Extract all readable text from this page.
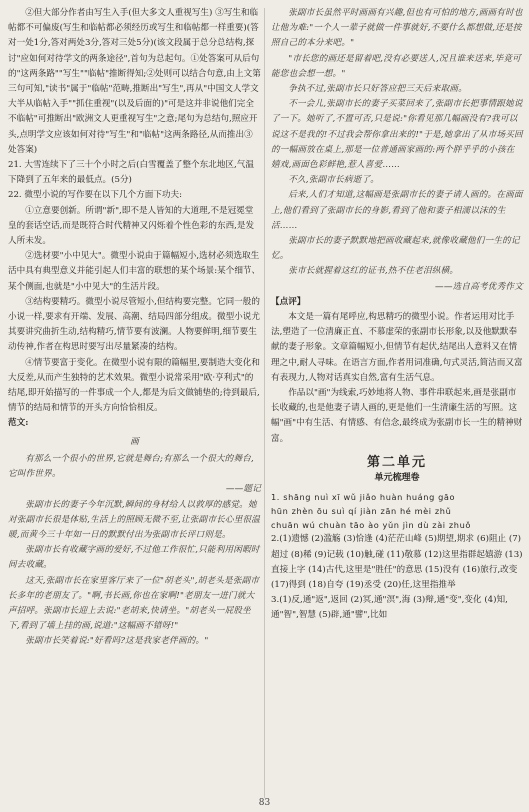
②但大部分作者由写生入手(但大多文人重视写生) ③写生和临帖都不可偏废(写生和临帖都必须经历或写生和临帖都一样重要)(答对一处1分,答对两处3分,答对三处5分)(该文段属于总分总结构,探讨"应如何对待学文的两条途径",首句为总起句。①处答案可从后句的"这两条路""写生""临帖"推断得知;②处则可以结合句意,由上文第三句可知,"读书"属于"临帖"范畴,推断出"写生",再从"中国文人学文大半从临帖入手""抓住重视"(以及后面的)"可是这并非说他们完全不临帖"可推断出"欧洲文人更重视写生"之意;尾句为总结句,照应开头,点明学文应该如何对待"写生"和"临帖"这两条路径,从而推出③处答案)

21. 大雪连续下了三十个小时之后(白雪覆盖了整个东北地区,气温下降到了五年来的最低点。(5分)

22. 微型小说的写作要在以下几个方面下功夫:

①立意要创新。所谓"新",即不是人皆知的大道理,不是冠冕堂皇的套话空话,而是既符合时代精神又闪烁着个性色彩的东西,是发人所未发。

②选材要"小中见大"。微型小说由于篇幅短小,选材必须选取生活中具有典型意义并能引起人们丰富的联想的某个场景:某个细节、某个侧面,也就是"小中见大"的生活片段。

③结构要精巧。微型小说尽管短小,但结构要完整。它同一般的小说一样,要求有开端、发展、高潮、结局四部分组成。微型小说尤其要讲究曲折生动,结构精巧,情节要有波澜。人物要鲜明,细节要生动传神,作者在构思时要写出尽量紧凑的结构。

④情节要富于变化。在微型小说有限的篇幅里,要制造大变化和大反差,从而产生独特的艺术效果。微型小说常采用"欧·亨利式"的结尾,即开始描写的一件事成一个人,都是为后文做铺垫的;待到最后,情节的结局和情节的开头方向恰恰相反。

范文:

画

有那么一个很小的世界,它就是舞台;有那么一个很大的舞台,它叫作世界。

——题记

张副市长的妻子今年沉默,瞬间的身材给人以敦厚的感觉。她对张副市长很是体贴,生活上的照顾无微不至,让张副市长心里很温暖,而黄今三十年如一日的默默付出为张副市长评口则是。

张副市长有收藏字画的爱好,不过他工作很忙,只能利用闲暇时间去收藏。

这天,张副市长在家里客厅来了一位"胡老头",胡老头是张副市长多年的老朋友了。"啊,书长画,你也在家啊!"老朋友一进门就大声招呼。张副市长迎上去说:"老胡来,快请坐。"胡老头一屁股坐下,看到了墙上挂的画,说道:"这幅画不错呀!"

张副市长笑着说:"好看吗?这是我家老伴画的。"

张副市长虽然平时画画有兴趣,但也有可怕的地方,画画有时也让他为难:"一个人一辈子就做一件事就好,不要什么都想做,还是按照自己的本分来吧。"

"市长您的画还是留着吧,没有必要送人,况且谁来送来,毕竟可能您也会想一想。"

争执不过,张副市长只好答应把三天后来取画。

不一会儿,张副市长的妻子买菜回来了,张副市长把事情跟她说了一下。她听了,不置可否,只是说:"你看见那几幅画没有?我可以说这不是我的!不过我会帮你拿出来的!"于是,她拿出了从市场买回的一幅画放在桌上,那是一位普通画家画的:两个胖乎乎的小孩在嬉戏,画面色彩鲜艳,惹人喜爱……

不久,张副市长病逝了。

后来,人们才知道,这幅画是张副市长的妻子请人画的。在画面上,他们看到了张副市长的身影,看到了他和妻子相濡以沫的生活……

张副市长的妻子默默地把画收藏起来,就像收藏他们一生的记忆。

张市长就握着这红的证书,热不住老泪纵横。

——选自高考优秀作文

【点评】

本文是一篇有尾呼应,构思精巧的微型小说。作者运用对比手法,塑造了一位清廉正直、不慕虚荣的张副市长形象,以及他默默奉献的妻子形象。文章篇幅短小,但情节有起伏,结尾出人意料又在情理之中,耐人寻味。在语言方面,作者用词准确,句式灵活,简洁而又富有表现力,人物对话真实自然,富有生活气息。

作品以"画"为线索,巧妙地将人物、事件串联起来,画是张副市长收藏的,也是他妻子请人画的,更是他们一生清廉生活的写照。这幅"画"中有生活、有情感、有信念,最终成为张副市长一生的精神财富。

第二单元

单元梳理卷

1. shāng nuì xī wǔ jiǎo huàn huáng gāo

hūn zhèn ōu suì qí jiàn zān hé mèi zhǔ

chuān wú chuàn tāo ào yǔn jìn dù zài zhuǒ

2.(1)遗憾 (2)滥觞 (3)恰逢 (4)茫茫山峰 (5)期望,期求 (6)阻止 (7)超过 (8)稀 (9)记载 (10)触,碰 (11)敬慕 (12)这里指群起嬉游 (13)直接上字 (14)古代,这里是"胜任"的意思 (15)没有 (16)旅行,改变 (17)得到 (18)自夸 (19)丞受 (20)任,这里指推举

3.(1)反,通"返",返回 (2)冥,通"溟",海 (3)辩,通"变",变化 (4)知,通"智",智慧 (5)辟,通"譬",比如

83
